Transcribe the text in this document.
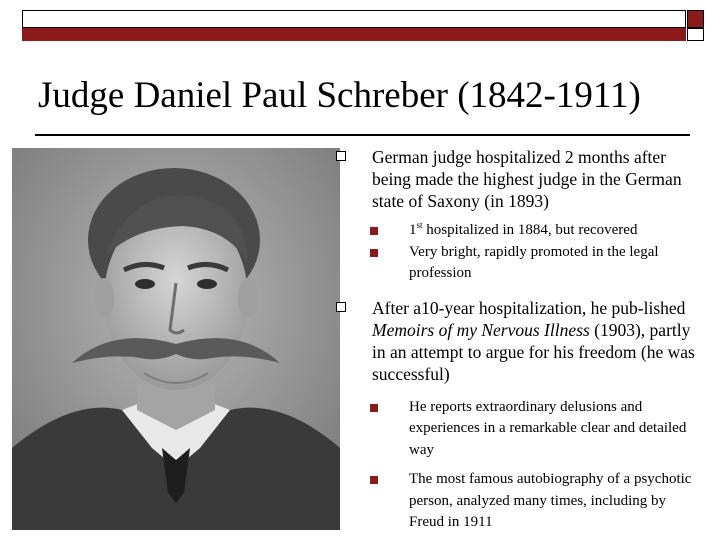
Judge Daniel Paul Schreber (1842-1911)
German judge hospitalized 2 months after being made the highest judge in the German state of Saxony (in 1893)
1st hospitalized in 1884, but recovered
Very bright, rapidly promoted in the legal profession
After a10-year hospitalization, he pub-lished Memoirs of my Nervous Illness (1903), partly in an attempt to argue for his freedom (he was successful)
He reports extraordinary delusions and experiences in a remarkable clear and detailed way
The most famous autobiography of a psychotic person, analyzed many times, including by Freud in 1911
